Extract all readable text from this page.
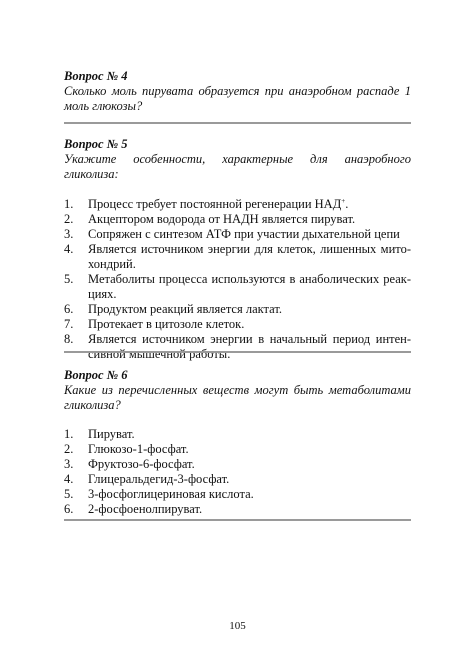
Вопрос № 4

Сколько моль пирувата образуется при анаэробном распаде 1 моль глюкозы?

Вопрос № 5

Укажите особенности, характерные для анаэробного гликолиза:

1. Процесс требует постоянной регенерации НАД+.
2. Акцептором водорода от НАДН является пируват.
3. Сопряжен с синтезом АТФ при участии дыхательной цепи
4. Является источником энергии для клеток, лишенных мито-хондрий.
5. Метаболиты процесса используются в анаболических реак-циях.
6. Продуктом реакций является лактат.
7. Протекает в цитозоле клеток.
8. Является источником энергии в начальный период интен-сивной мышечной работы.

Вопрос № 6

Какие из перечисленных веществ могут быть метаболитами гликолиза?

1. Пируват.
2. Глюкозо-1-фосфат.
3. Фруктозо-6-фосфат.
4. Глицеральдегид-3-фосфат.
5. 3-фосфоглицериновая кислота.
6. 2-фосфоенолпируват.
105
